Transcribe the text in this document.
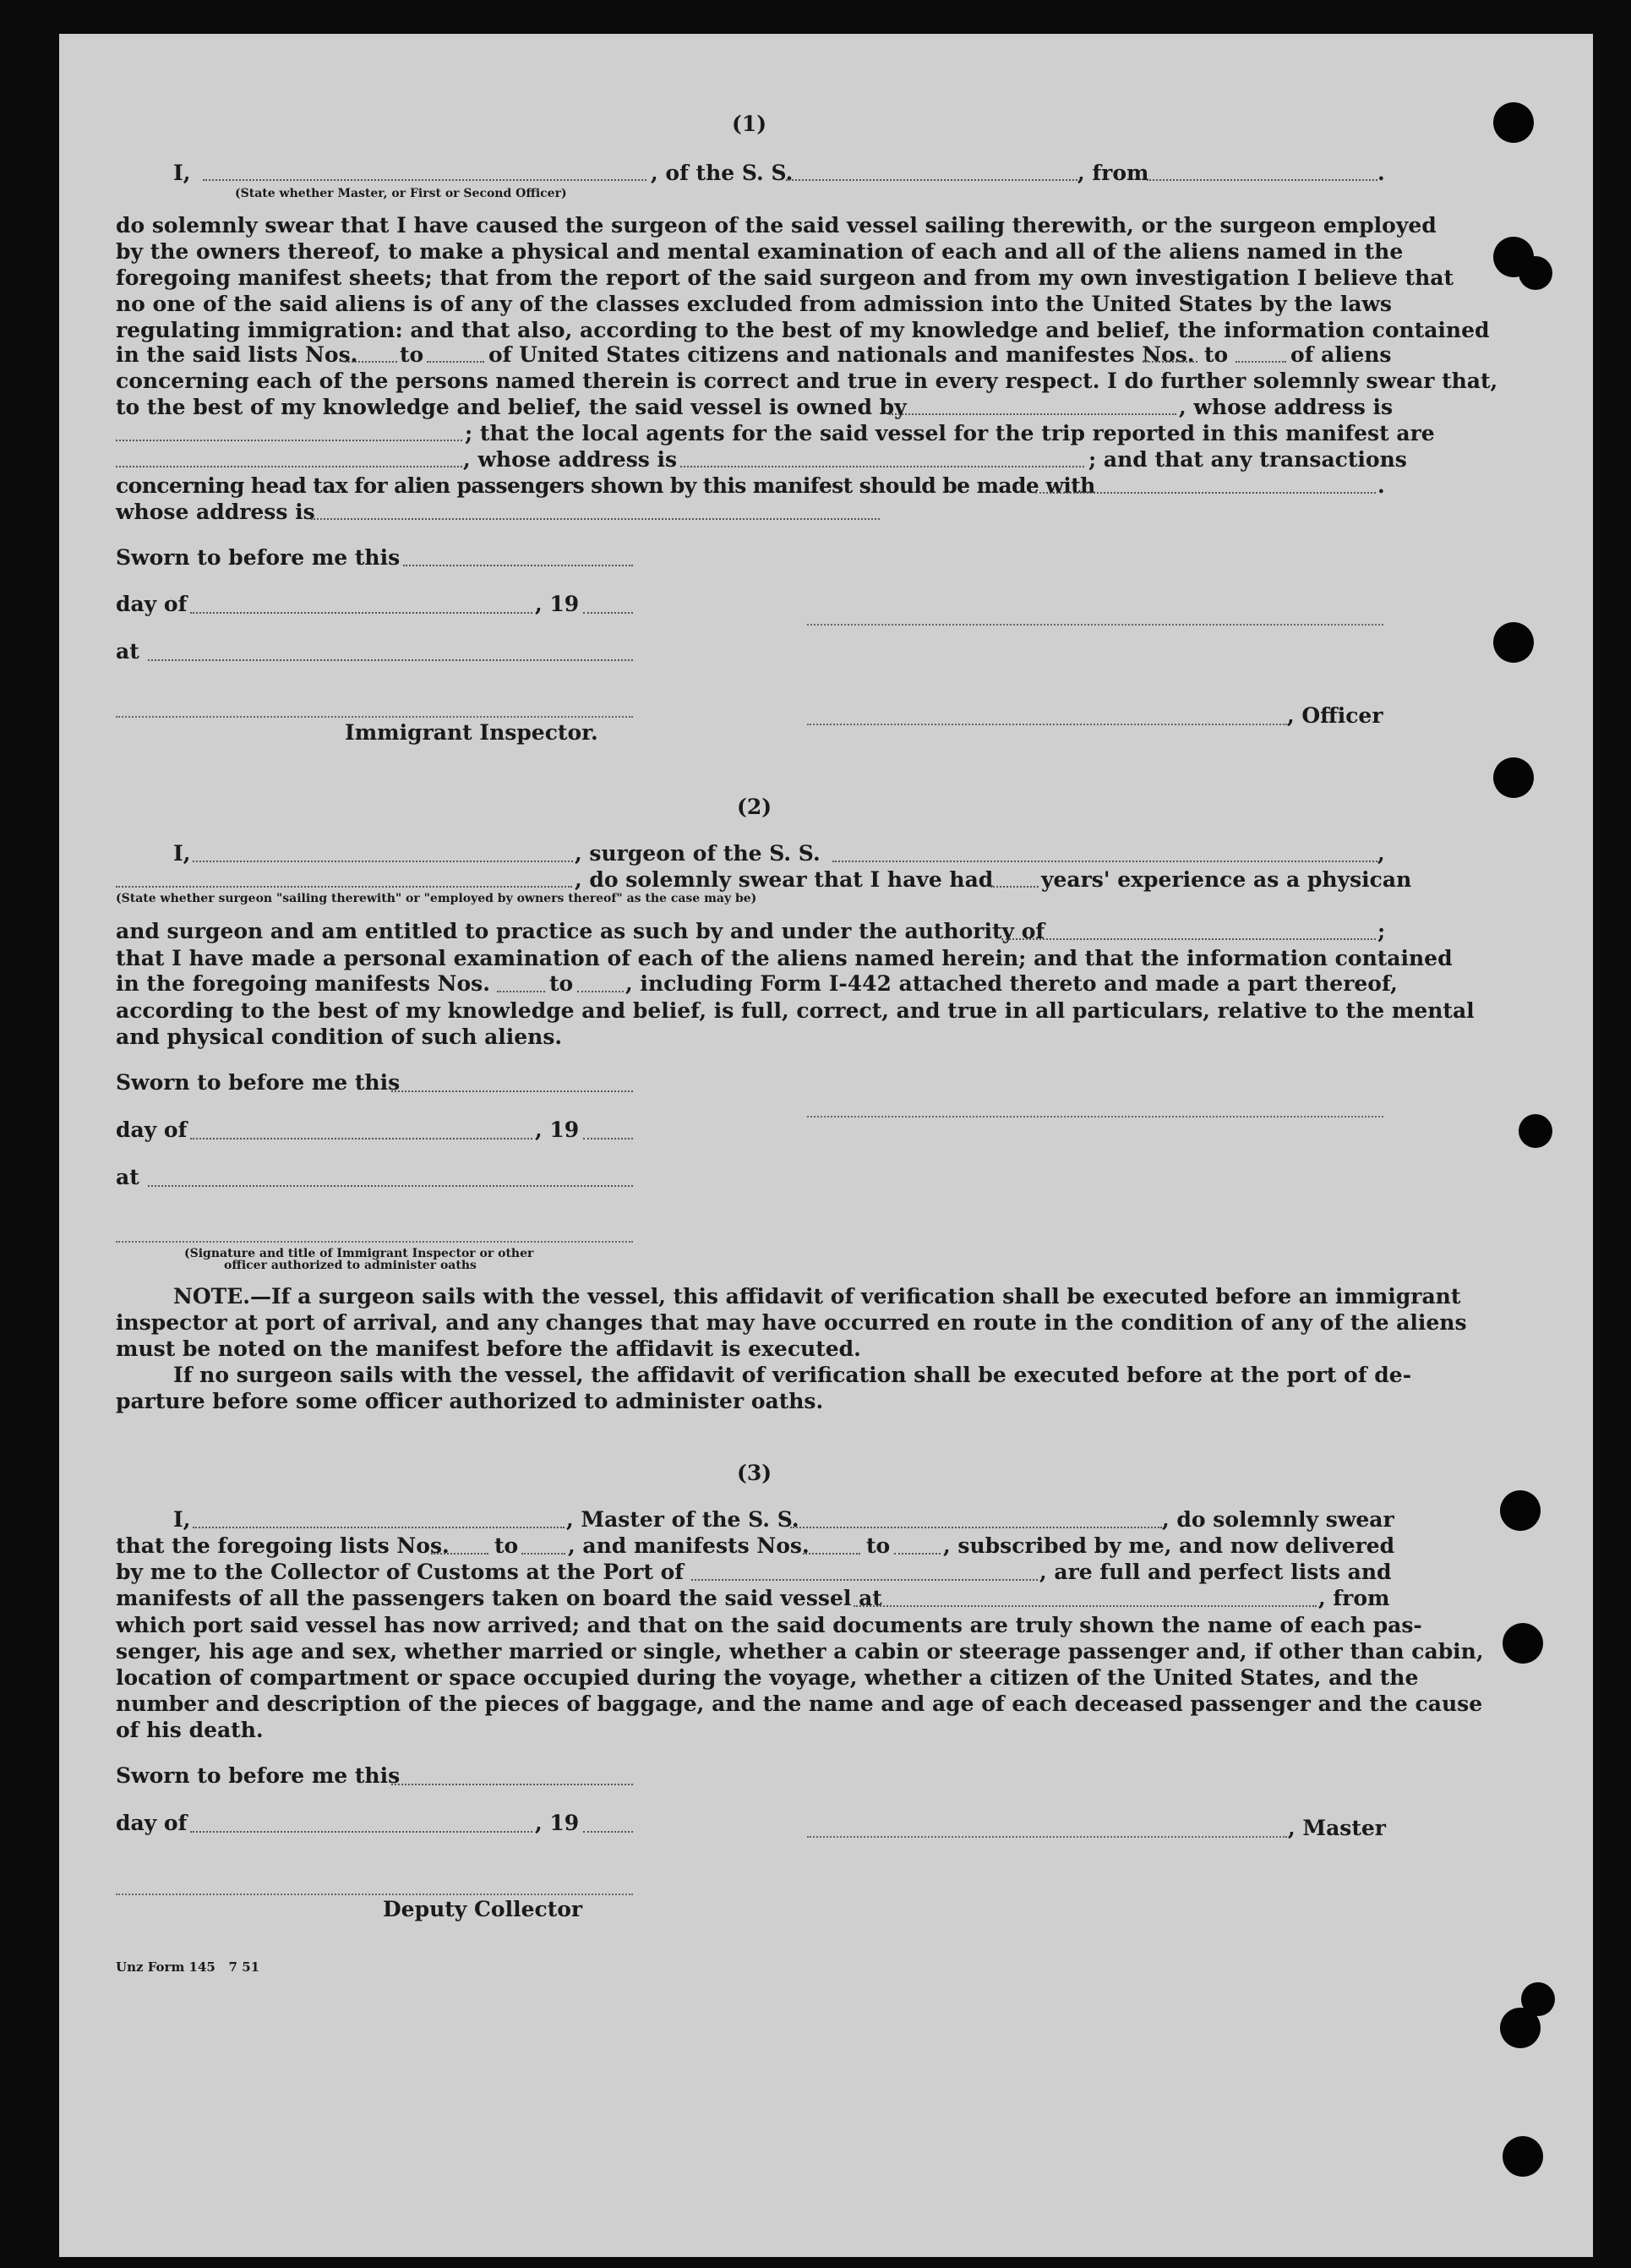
(1)
I,	, of the S. S.	, from	.
(State whether Master, or First or Second Officer)
do solemnly swear that I have caused the surgeon of the said vessel sailing therewith, or the surgeon employed
by the owners thereof, to make a physical and mental examination of each and all of the aliens named in the
foregoing manifest sheets; that from the report of the said surgeon and from my own investigation I believe that
no one of the said aliens is of any of the classes excluded from admission into the United States by the laws
regulating immigration: and that also, according to the best of my knowledge and belief, the information contained
in the said lists Nos. to	of United States citizens and nationals and manifestes Nos. to	of aliens
concerning each of the persons named therein is correct and true in every respect. I do further solemnly swear that,
to the best of my knowledge and belief, the said vessel is owned by	, whose address is
; that the local agents for the said vessel for the trip reported in this manifest are
, whose address is	; and that any transactions
concerning head tax for alien passengers shown by this manifest should be made with	.
whose address is
Sworn to before me this
day of	, 19
at
, Officer
Immigrant Inspector.
(2)
I,	, surgeon of the S. S.	,
, do solemnly swear that I have had years' experience as a physican
(State whether surgeon "sailing therewith" or "employed by owners thereof" as the case may be)
and surgeon and am entitled to practice as such by and under the authority of	;
that I have made a personal examination of each of the aliens named herein; and that the information contained
in the foregoing manifests Nos.	to , including Form I-442 attached thereto and made a part thereof,
according to the best of my knowledge and belief, is full, correct, and true in all particulars, relative to the mental
and physical condition of such aliens.
Sworn to before me this
day of	, 19
at
(Signature and title of Immigrant Inspector or other
officer authorized to administer oaths
NOTE.—If a surgeon sails with the vessel, this affidavit of verification shall be executed before an immigrant
inspector at port of arrival, and any changes that may have occurred en route in the condition of any of the aliens
must be noted on the manifest before the affidavit is executed.
If no surgeon sails with the vessel, the affidavit of verification shall be executed before at the port of de-
parture before some officer authorized to administer oaths.
(3)
I,	, Master of the S. S.	, do solemnly swear
that the foregoing lists Nos. to , and manifests Nos.	to	, subscribed by me, and now delivered
by me to the Collector of Customs at the Port of	, are full and perfect lists and
manifests of all the passengers taken on board the said vessel at	, from
which port said vessel has now arrived; and that on the said documents are truly shown the name of each pas-
senger, his age and sex, whether married or single, whether a cabin or steerage passenger and, if other than cabin,
location of compartment or space occupied during the voyage, whether a citizen of the United States, and the
number and description of the pieces of baggage, and the name and age of each deceased passenger and the cause
of his death.
Sworn to before me this
day of	, 19	, Master
Deputy Collector
Unz Form 145   7 51
